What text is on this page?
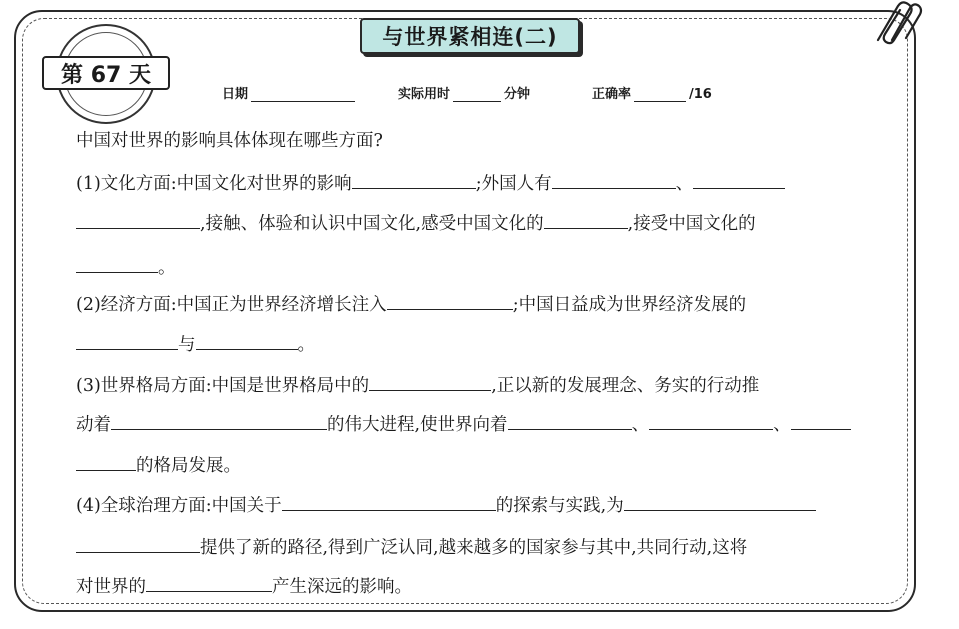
与世界紧相连(二)
第 67 天
日期	实际用时	分钟	正确率	/16
中国对世界的影响具体体现在哪些方面?
(1)文化方面:中国文化对世界的影响	;外国人有	、
,接触、体验和认识中国文化,感受中国文化的	,接受中国文化的
。
(2)经济方面:中国正为世界经济增长注入	;中国日益成为世界经济发展的
与	。
(3)世界格局方面:中国是世界格局中的	,正以新的发展理念、务实的行动推
动着	的伟大进程,使世界向着	、	、
的格局发展。
(4)全球治理方面:中国关于	的探索与实践,为
提供了新的路径,得到广泛认同,越来越多的国家参与其中,共同行动,这将
对世界的	产生深远的影响。
